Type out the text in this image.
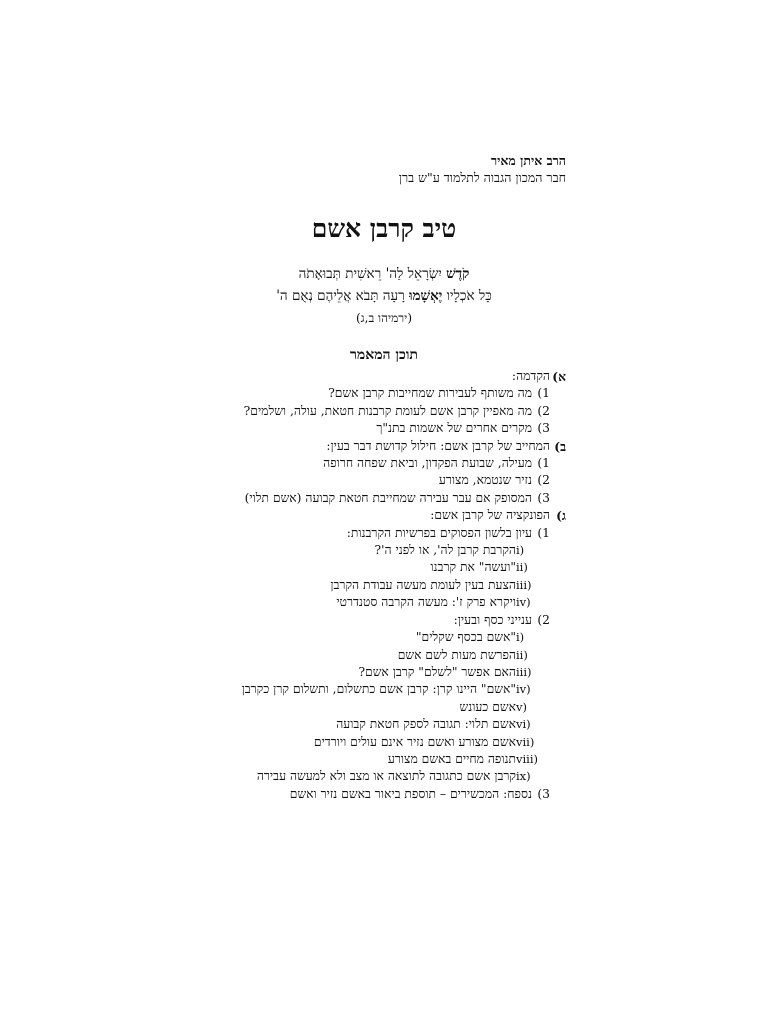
הרב איתן מאיר
חבר המכון הגבוה לתלמוד ע"ש ברן
טיב קרבן אשם
קֹדֶשׁ יִשְׂרָאֵל לַה' רֵאשִׁית תְּבוּאָתֹה
כָּל אֹכְלָיו יֶאְשָׁמוּ רָעָה תָּבֹא אֲלֵיהֶם נְאֻם ה'
(ירמיהו ב,ג)
תוכן המאמר
א)
הקדמה:
1)
מה משותף לעבירות שמחייבות קרבן אשם?
2)
מה מאפיין קרבן אשם לעומת קרבנות חטאת, עולה, ושלמים?
3)
מקרים אחרים של אשמות בתנ"ך
ב)
המחייב של קרבן אשם: חילול קדושת דבר בעין:
1)
מעילה, שבועת הפקדון, וביאת שפחה חרופה
2)
נזיר שנטמא, מצורע
3)
המסופק אם עבר עבירה שמחייבת חטאת קבועה (אשם תלוי)
ג)
הפונקציה של קרבן אשם:
1)
עיון בלשון הפסוקים בפרשיות הקרבנות:
i)
הקרבת קרבן לה', או לפני ה'?
ii)
"ועשה" את קרבנו
iii)
הצעת בעין לעומת מעשה עבודת הקרבן
iv)
ויקרא פרק ז': מעשה הקרבה סטנדרטי
2)
ענייני כסף ובעין:
i)
"אשם בכסף שקלים"
ii)
הפרשת מעות לשם אשם
iii)
האם אפשר "לשלם" קרבן אשם?
iv)
"אשם" היינו קרן: קרבן אשם כתשלום, ותשלום קרן כקרבן
v)
אשם כעונש
vi)
אשם תלוי: תגובה לספק חטאת קבועה
vii)
אשם מצורע ואשם נזיר אינם עולים ויורדים
viii)
תנופה מחיים באשם מצורע
ix)
קרבן אשם כתגובה לתוצאה או מצב ולא למעשה עבירה
3)
נספח: המכשירים – תוספת ביאור באשם נזיר ואשם
